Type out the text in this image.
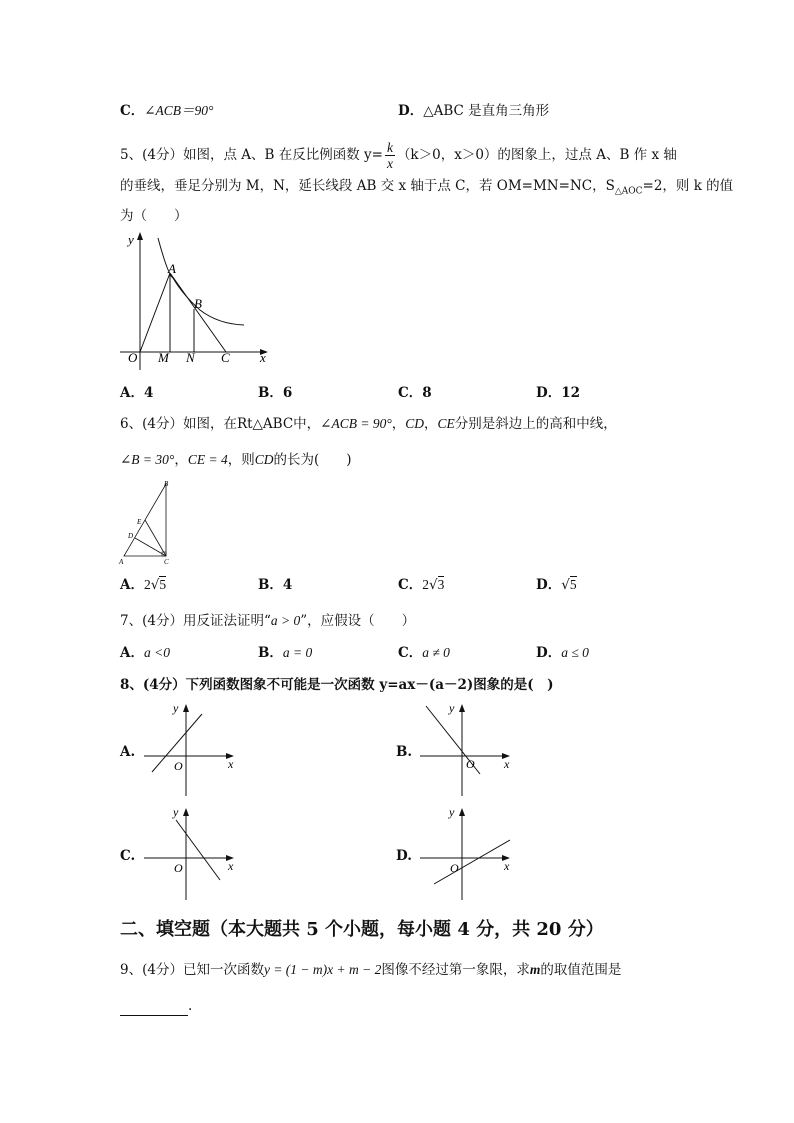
C．∠ACB＝90°	D．△ABC 是直角三角形
5、(4分）如图，点 A、B 在反比例函数 $y= \frac{k}{x} (k>0$，x＞0）的图象上，过点 A、B 作 x 轴
的垂线，垂足分别为 M，N，延长线段 AB 交 x 轴于点 C，若 OM=MN=NC，$S_{\triangle AOC}=2$，则 k 的值
为（　　）
y
x
A
B
O M N C
A．4	B．6	C．8	D．12
6、(4分）如图，在Rt△ABC中，∠ACB = 90°，CD，CE分别是斜边上的高和中线，
∠B = 30°，CE = 4，则CD的长为(　　)
B
E
D
A	C
A．2√5	B．4	C．2√3	D．√5
7、(4分）用反证法证明“a > 0”，应假设（　　）
A．a <0	B．a = 0	C．a ≠ 0	D．a ≤ 0
8、(4分）下列函数图象不可能是一次函数 y=ax－(a－2)图象的是(　)
A.
y
x
O
B.
y
x
O
C.
y
x
O
D.
y
x
O
二、填空题（本大题共 5 个小题，每小题 4 分，共 20 分）
9、(4分）已知一次函数y = (1 − m)x + m − 2图像不经过第一象限，求m的取值范围是
.
